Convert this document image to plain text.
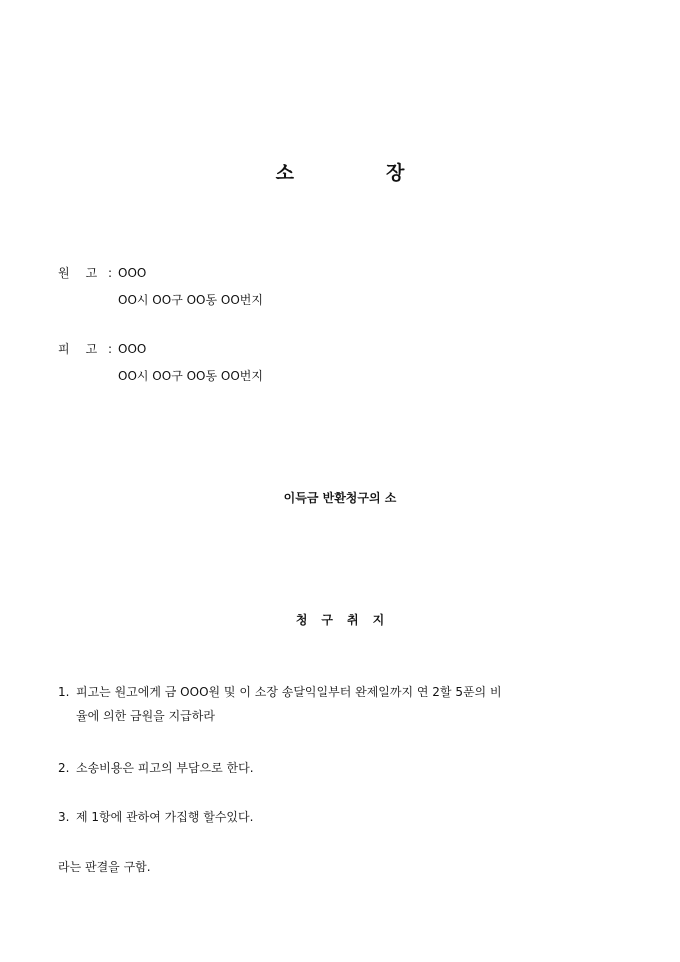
소	장
원 고 : OOO
OO시 OO구 OO동 OO번지
피 고 : OOO
OO시 OO구 OO동 OO번지
이득금 반환청구의 소
청구취지
1. 피고는 원고에게 금 OOO원 및 이 소장 송달익일부터 완제일까지 연 2할 5푼의 비
율에 의한 금원을 지급하라
2. 소송비용은 피고의 부담으로 한다.
3. 제 1항에 관하여 가집행 할수있다.
라는 판결을 구함.
